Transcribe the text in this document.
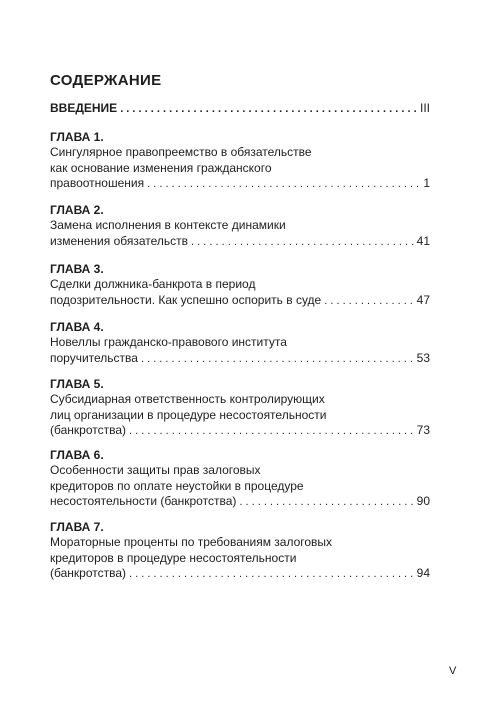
СОДЕРЖАНИЕ
ВВЕДЕНИЕ . . .	III
ГЛАВА 1.
Сингулярное правопреемство в обязательстве
как основание изменения гражданского
правоотношения . . .	1
ГЛАВА 2.
Замена исполнения в контексте динамики
изменения обязательств . . .	41
ГЛАВА 3.
Сделки должника-банкрота в период
подозрительности. Как успешно оспорить в суде . . .	47
ГЛАВА 4.
Новеллы гражданско-правового института
поручительства . . .	53
ГЛАВА 5.
Субсидиарная ответственность контролирующих
лиц организации в процедуре несостоятельности
(банкротства) . . .	73
ГЛАВА 6.
Особенности защиты прав залоговых
кредиторов по оплате неустойки в процедуре
несостоятельности (банкротства) . . .	90
ГЛАВА 7.
Мораторные проценты по требованиям залоговых
кредиторов в процедуре несостоятельности
(банкротства) . . .	94
V
